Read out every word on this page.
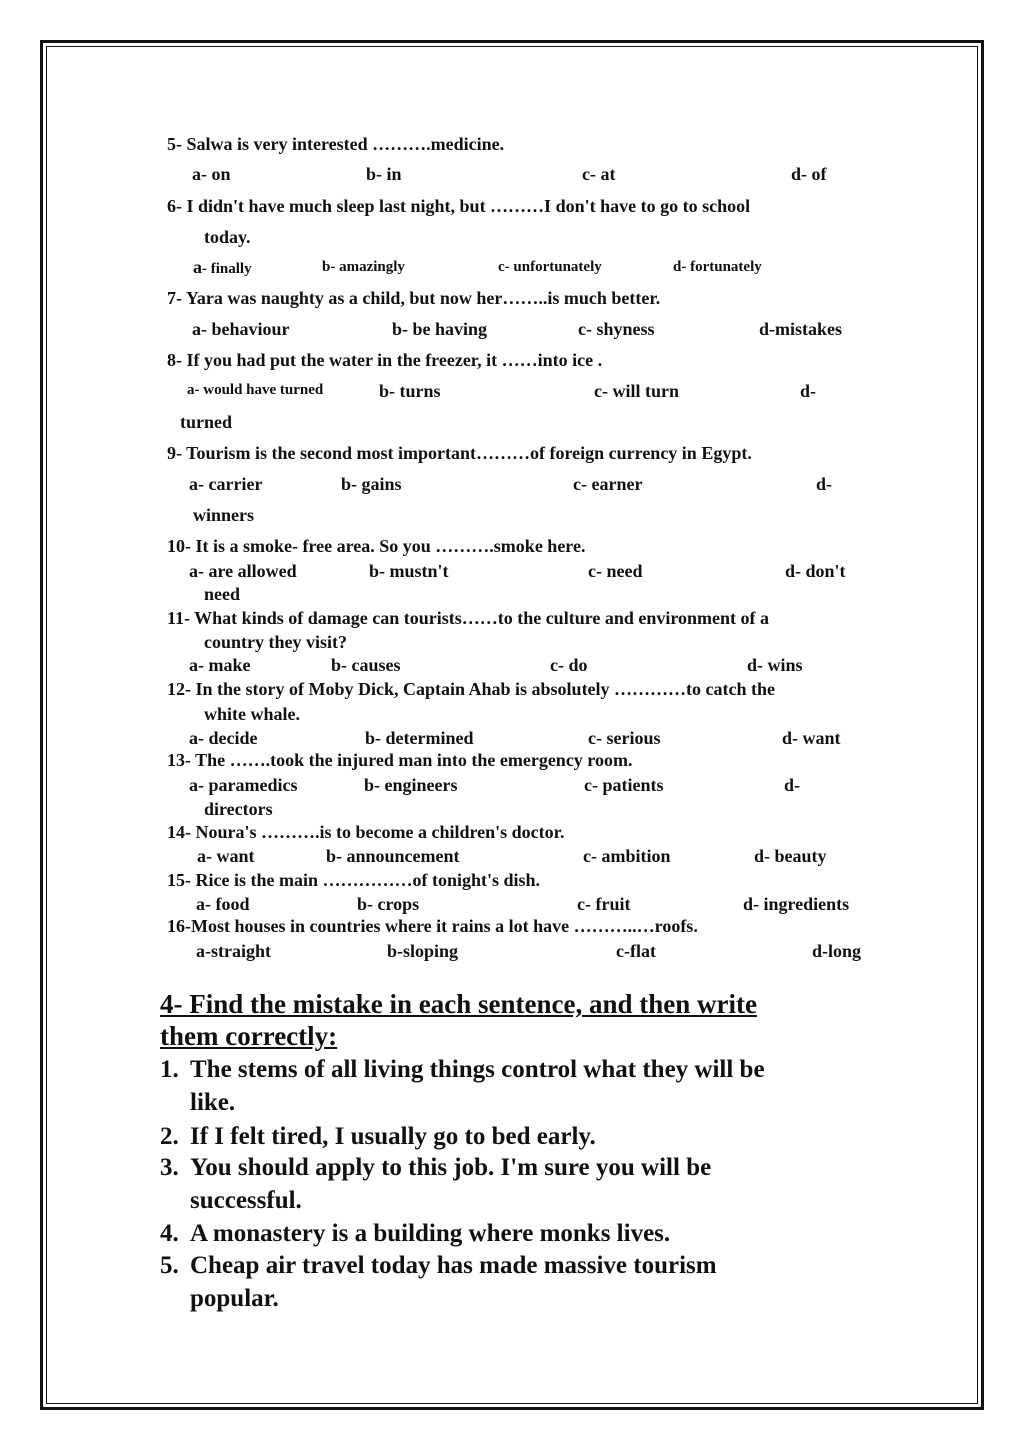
5- Salwa is very interested ……….medicine.
a- on	b- in	c- at	d- of
6- I didn't have much sleep last night, but ………I don't have to go to school
today.
a- finally	b- amazingly	c- unfortunately	d- fortunately
7- Yara was naughty as a child, but now her……..is much better.
a- behaviour	b- be having	c- shyness	d-mistakes
8- If you had put the water in the freezer, it ……into ice .
a- would have turned	b- turns	c- will turn	d-
turned
9- Tourism is the second most important………of foreign currency in Egypt.
a- carrier	b- gains	c- earner	d-
winners
10- It is a smoke- free area. So you ……….smoke here.
a- are allowed	b- mustn't	c- need	d- don't
need
11- What kinds of damage can tourists……to the culture and environment of a
country they visit?
a- make	b- causes	c- do	d- wins
12- In the story of Moby Dick, Captain Ahab is absolutely …………to catch the
white whale.
a- decide	b- determined	c- serious	d- want
13- The …….took the injured man into the emergency room.
a- paramedics	b- engineers	c- patients	d-
directors
14- Noura's ……….is to become a children's doctor.
a- want	b- announcement	c- ambition	d- beauty
15- Rice is the main ……………of tonight's dish.
a- food	b- crops	c- fruit	d- ingredients
16-Most houses in countries where it rains a lot have ………..…roofs.
a-straight	b-sloping	c-flat	d-long
4- Find the mistake in each sentence, and then write
them correctly:
1. The stems of all living things control what they will be
like.
2. If I felt tired, I usually go to bed early.
3. You should apply to this job. I'm sure you will be
successful.
4. A monastery is a building where monks lives.
5. Cheap air travel today has made massive tourism
popular.
